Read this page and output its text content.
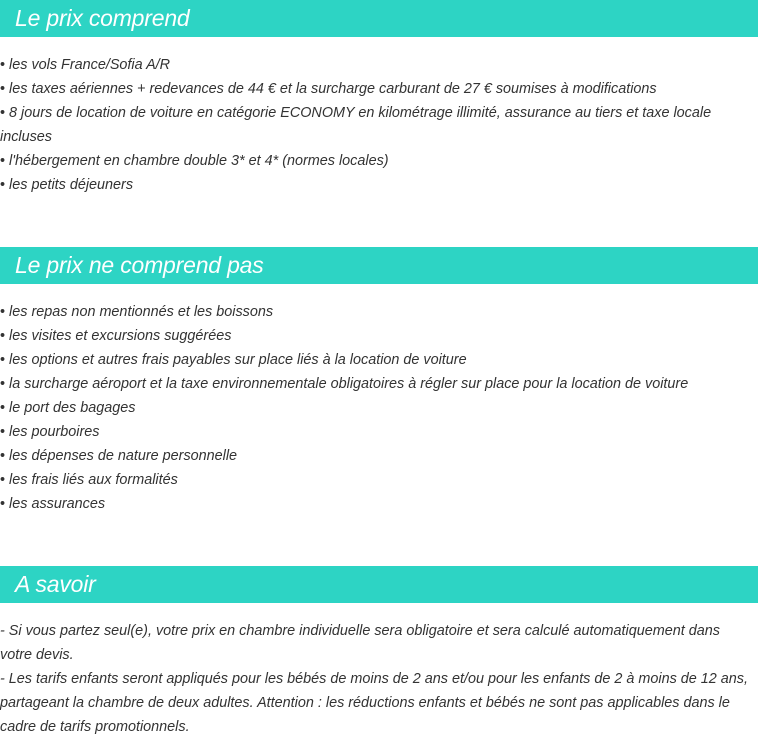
Le prix comprend
• les vols France/Sofia A/R
• les taxes aériennes + redevances de 44 € et la surcharge carburant de 27 € soumises à modifications
• 8 jours de location de voiture en catégorie ECONOMY en kilométrage illimité, assurance au tiers et taxe locale incluses
• l'hébergement en chambre double 3* et 4* (normes locales)
• les petits déjeuners
Le prix ne comprend pas
• les repas non mentionnés et les boissons
• les visites et excursions suggérées
• les options et autres frais payables sur place liés à la location de voiture
• la surcharge aéroport et la taxe environnementale obligatoires à régler sur place pour la location de voiture
• le port des bagages
• les pourboires
• les dépenses de nature personnelle
• les frais liés aux formalités
• les assurances
A savoir

- Si vous partez seul(e), votre prix en chambre individuelle sera obligatoire et sera calculé automatiquement dans votre devis.

- Les tarifs enfants seront appliqués pour les bébés de moins de 2 ans et/ou pour les enfants de 2 à moins de 12 ans, partageant la chambre de deux adultes. Attention : les réductions enfants et bébés ne sont pas applicables dans le cadre de tarifs promotionnels.
